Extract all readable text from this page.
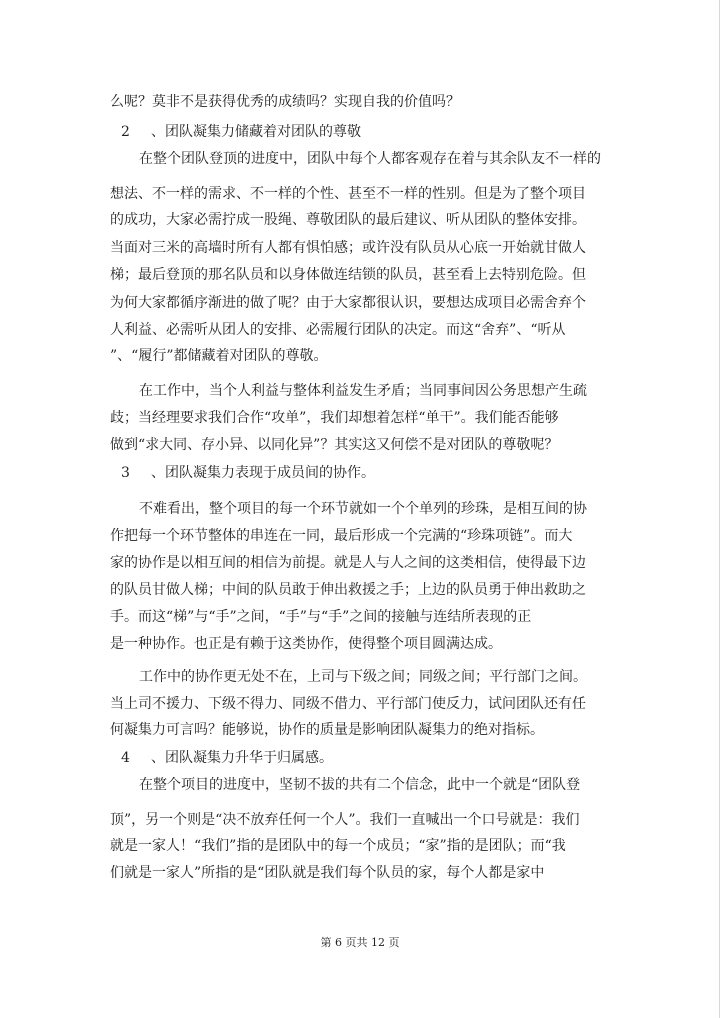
么呢？莫非不是获得优秀的成绩吗？实现自我的价值吗？
2 、团队凝集力储藏着对团队的尊敬
在整个团队登顶的进度中，团队中每个人都客观存在着与其余队友不一样的
想法、不一样的需求、不一样的个性、甚至不一样的性别。但是为了整个项目
的成功，大家必需拧成一股绳、尊敬团队的最后建议、听从团队的整体安排。
当面对三米的高墙时所有人都有惧怕感；或许没有队员从心底一开始就甘做人
梯；最后登顶的那名队员和以身体做连结锁的队员，甚至看上去特别危险。但
为何大家都循序渐进的做了呢？由于大家都很认识，要想达成项目必需舍弃个
人利益、必需听从团人的安排、必需履行团队的决定。而这“舍弃”、“听从
”、“履行”都储藏着对团队的尊敬。
在工作中，当个人利益与整体利益发生矛盾；当同事间因公务思想产生疏
歧；当经理要求我们合作“攻单”，我们却想着怎样“单干”。我们能否能够
做到“求大同、存小异、以同化异”？其实这又何偿不是对团队的尊敬呢？
3 、团队凝集力表现于成员间的协作。
不难看出，整个项目的每一个环节就如一个个单列的珍珠，是相互间的协
作把每一个环节整体的串连在一同，最后形成一个完满的“珍珠项链”。而大
家的协作是以相互间的相信为前提。就是人与人之间的这类相信，使得最下边
的队员甘做人梯；中间的队员敢于伸出救援之手；上边的队员勇于伸出救助之
手。而这“梯”与“手”之间，“手”与“手”之间的接触与连结所表现的正
是一种协作。也正是有赖于这类协作，使得整个项目圆满达成。
工作中的协作更无处不在，上司与下级之间；同级之间；平行部门之间。
当上司不援力、下级不得力、同级不借力、平行部门使反力，试问团队还有任
何凝集力可言吗？能够说，协作的质量是影响团队凝集力的绝对指标。
4 、团队凝集力升华于归属感。
在整个项目的进度中，坚韧不拔的共有二个信念，此中一个就是“团队登
顶”，另一个则是“决不放弃任何一个人”。我们一直喊出一个口号就是：我们
就是一家人！“我们”指的是团队中的每一个成员；“家”指的是团队；而“我
们就是一家人”所指的是“团队就是我们每个队员的家，每个人都是家中
第 6 页共 12 页
